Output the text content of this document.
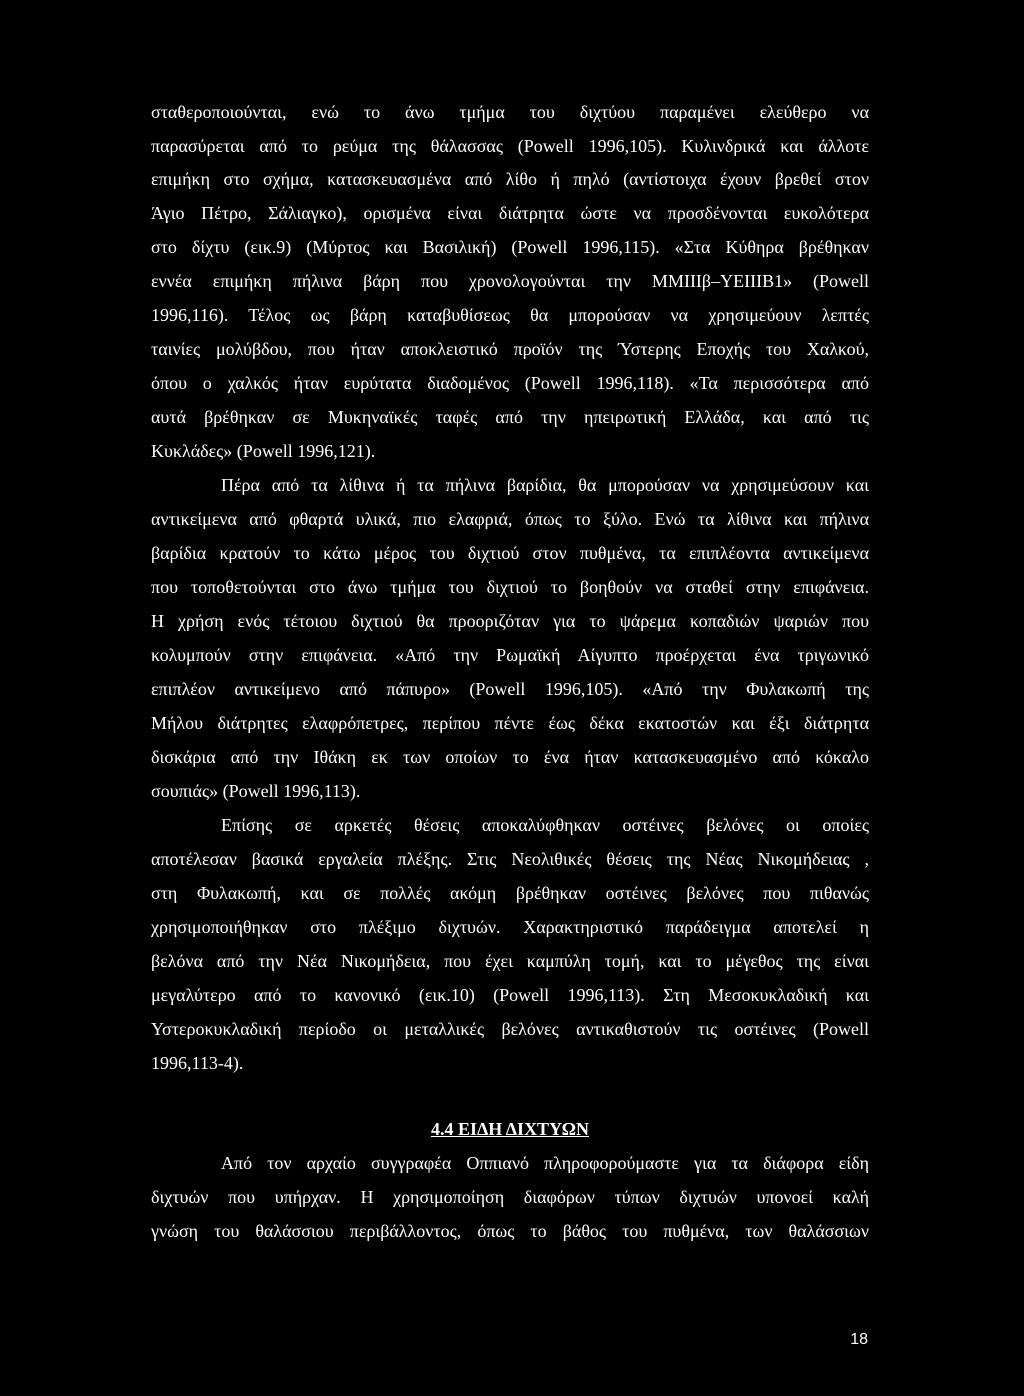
σταθεροποιούνται, ενώ το άνω τμήμα του διχτύου παραμένει ελεύθερο να
παρασύρεται από το ρεύμα της θάλασσας (Powell 1996,105). Κυλινδρικά και άλλοτε
επιμήκη στο σχήμα, κατασκευασμένα από λίθο ή πηλό (αντίστοιχα έχουν βρεθεί στον
Άγιο Πέτρο, Σάλιαγκο), ορισμένα είναι διάτρητα ώστε να προσδένονται ευκολότερα
στο δίχτυ (εικ.9) (Μύρτος και Βασιλική) (Powell 1996,115). «Στα Κύθηρα βρέθηκαν
εννέα επιμήκη πήλινα βάρη που χρονολογούνται την ΜΜΙΙΙβ–ΥΕΙΙΙΒ1» (Powell
1996,116). Τέλος ως βάρη καταβυθίσεως θα μπορούσαν να χρησιμεύουν λεπτές
ταινίες μολύβδου, που ήταν αποκλειστικό προϊόν της Ύστερης Εποχής του Χαλκού,
όπου ο χαλκός ήταν ευρύτατα διαδομένος (Powell 1996,118). «Τα περισσότερα από
αυτά βρέθηκαν σε Μυκηναϊκές ταφές από την ηπειρωτική Ελλάδα, και από τις
Κυκλάδες» (Powell 1996,121).
Πέρα από τα λίθινα ή τα πήλινα βαρίδια, θα μπορούσαν να χρησιμεύσουν και
αντικείμενα από φθαρτά υλικά, πιο ελαφριά, όπως το ξύλο. Ενώ τα λίθινα και πήλινα
βαρίδια κρατούν το κάτω μέρος του διχτιού στον πυθμένα, τα επιπλέοντα αντικείμενα
που τοποθετούνται στο άνω τμήμα του διχτιού το βοηθούν να σταθεί στην επιφάνεια.
Η χρήση ενός τέτοιου διχτιού θα προοριζόταν για το ψάρεμα κοπαδιών ψαριών που
κολυμπούν στην επιφάνεια. «Από την Ρωμαϊκή Αίγυπτο προέρχεται ένα τριγωνικό
επιπλέον αντικείμενο από πάπυρο» (Powell 1996,105). «Από την Φυλακωπή της
Μήλου διάτρητες ελαφρόπετρες, περίπου πέντε έως δέκα εκατοστών και έξι διάτρητα
δισκάρια από την Ιθάκη εκ των οποίων το ένα ήταν κατασκευασμένο από κόκαλο
σουπιάς» (Powell 1996,113).
Επίσης σε αρκετές θέσεις αποκαλύφθηκαν οστέινες βελόνες οι οποίες
αποτέλεσαν βασικά εργαλεία πλέξης. Στις Νεολιθικές θέσεις της Νέας Νικομήδειας ,
στη Φυλακωπή, και σε πολλές ακόμη βρέθηκαν οστέινες βελόνες που πιθανώς
χρησιμοποιήθηκαν στο πλέξιμο διχτυών. Χαρακτηριστικό παράδειγμα αποτελεί η
βελόνα από την Νέα Νικομήδεια, που έχει καμπύλη τομή, και το μέγεθος της είναι
μεγαλύτερο από το κανονικό (εικ.10) (Powell 1996,113). Στη Μεσοκυκλαδική και
Υστεροκυκλαδική περίοδο οι μεταλλικές βελόνες αντικαθιστούν τις οστέινες (Powell
1996,113-4).
4.4 ΕΙΔΗ ΔΙΧΤΥΩΝ
Από τον αρχαίο συγγραφέα Οππιανό πληροφορούμαστε για τα διάφορα είδη
διχτυών που υπήρχαν. Η χρησιμοποίηση διαφόρων τύπων διχτυών υπονοεί καλή
γνώση του θαλάσσιου περιβάλλοντος, όπως το βάθος του πυθμένα, των θαλάσσιων
18
